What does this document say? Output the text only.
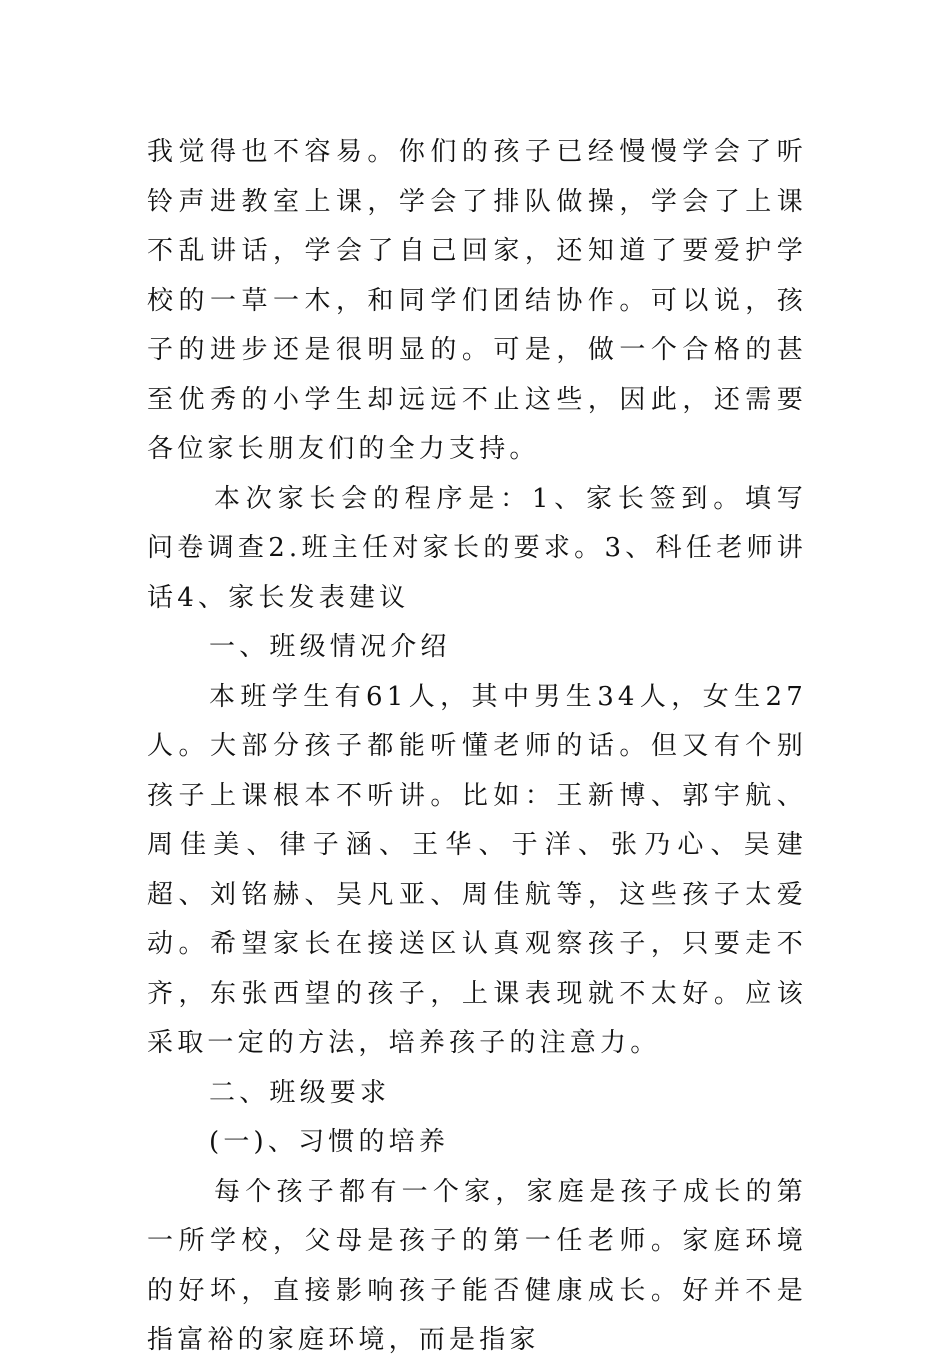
我觉得也不容易。你们的孩子已经慢慢学会了听铃声进教室上课，学会了排队做操，学会了上课不乱讲话，学会了自己回家，还知道了要爱护学校的一草一木，和同学们团结协作。可以说，孩子的进步还是很明显的。可是，做一个合格的甚至优秀的小学生却远远不止这些，因此，还需要各位家长朋友们的全力支持。

本次家长会的程序是：1、家长签到。填写问卷调查2.班主任对家长的要求。3、科任老师讲话4、家长发表建议

一、班级情况介绍

本班学生有61人，其中男生34人，女生27人。大部分孩子都能听懂老师的话。但又有个别孩子上课根本不听讲。比如：王新博、郭宇航、周佳美、律子涵、王华、于洋、张乃心、吴建超、刘铭赫、吴凡亚、周佳航等，这些孩子太爱动。希望家长在接送区认真观察孩子，只要走不齐，东张西望的孩子，上课表现就不太好。应该采取一定的方法，培养孩子的注意力。

二、班级要求

(一)、习惯的培养

每个孩子都有一个家，家庭是孩子成长的第一所学校，父母是孩子的第一任老师。家庭环境的好坏，直接影响孩子能否健康成长。好并不是指富裕的家庭环境，而是指家
